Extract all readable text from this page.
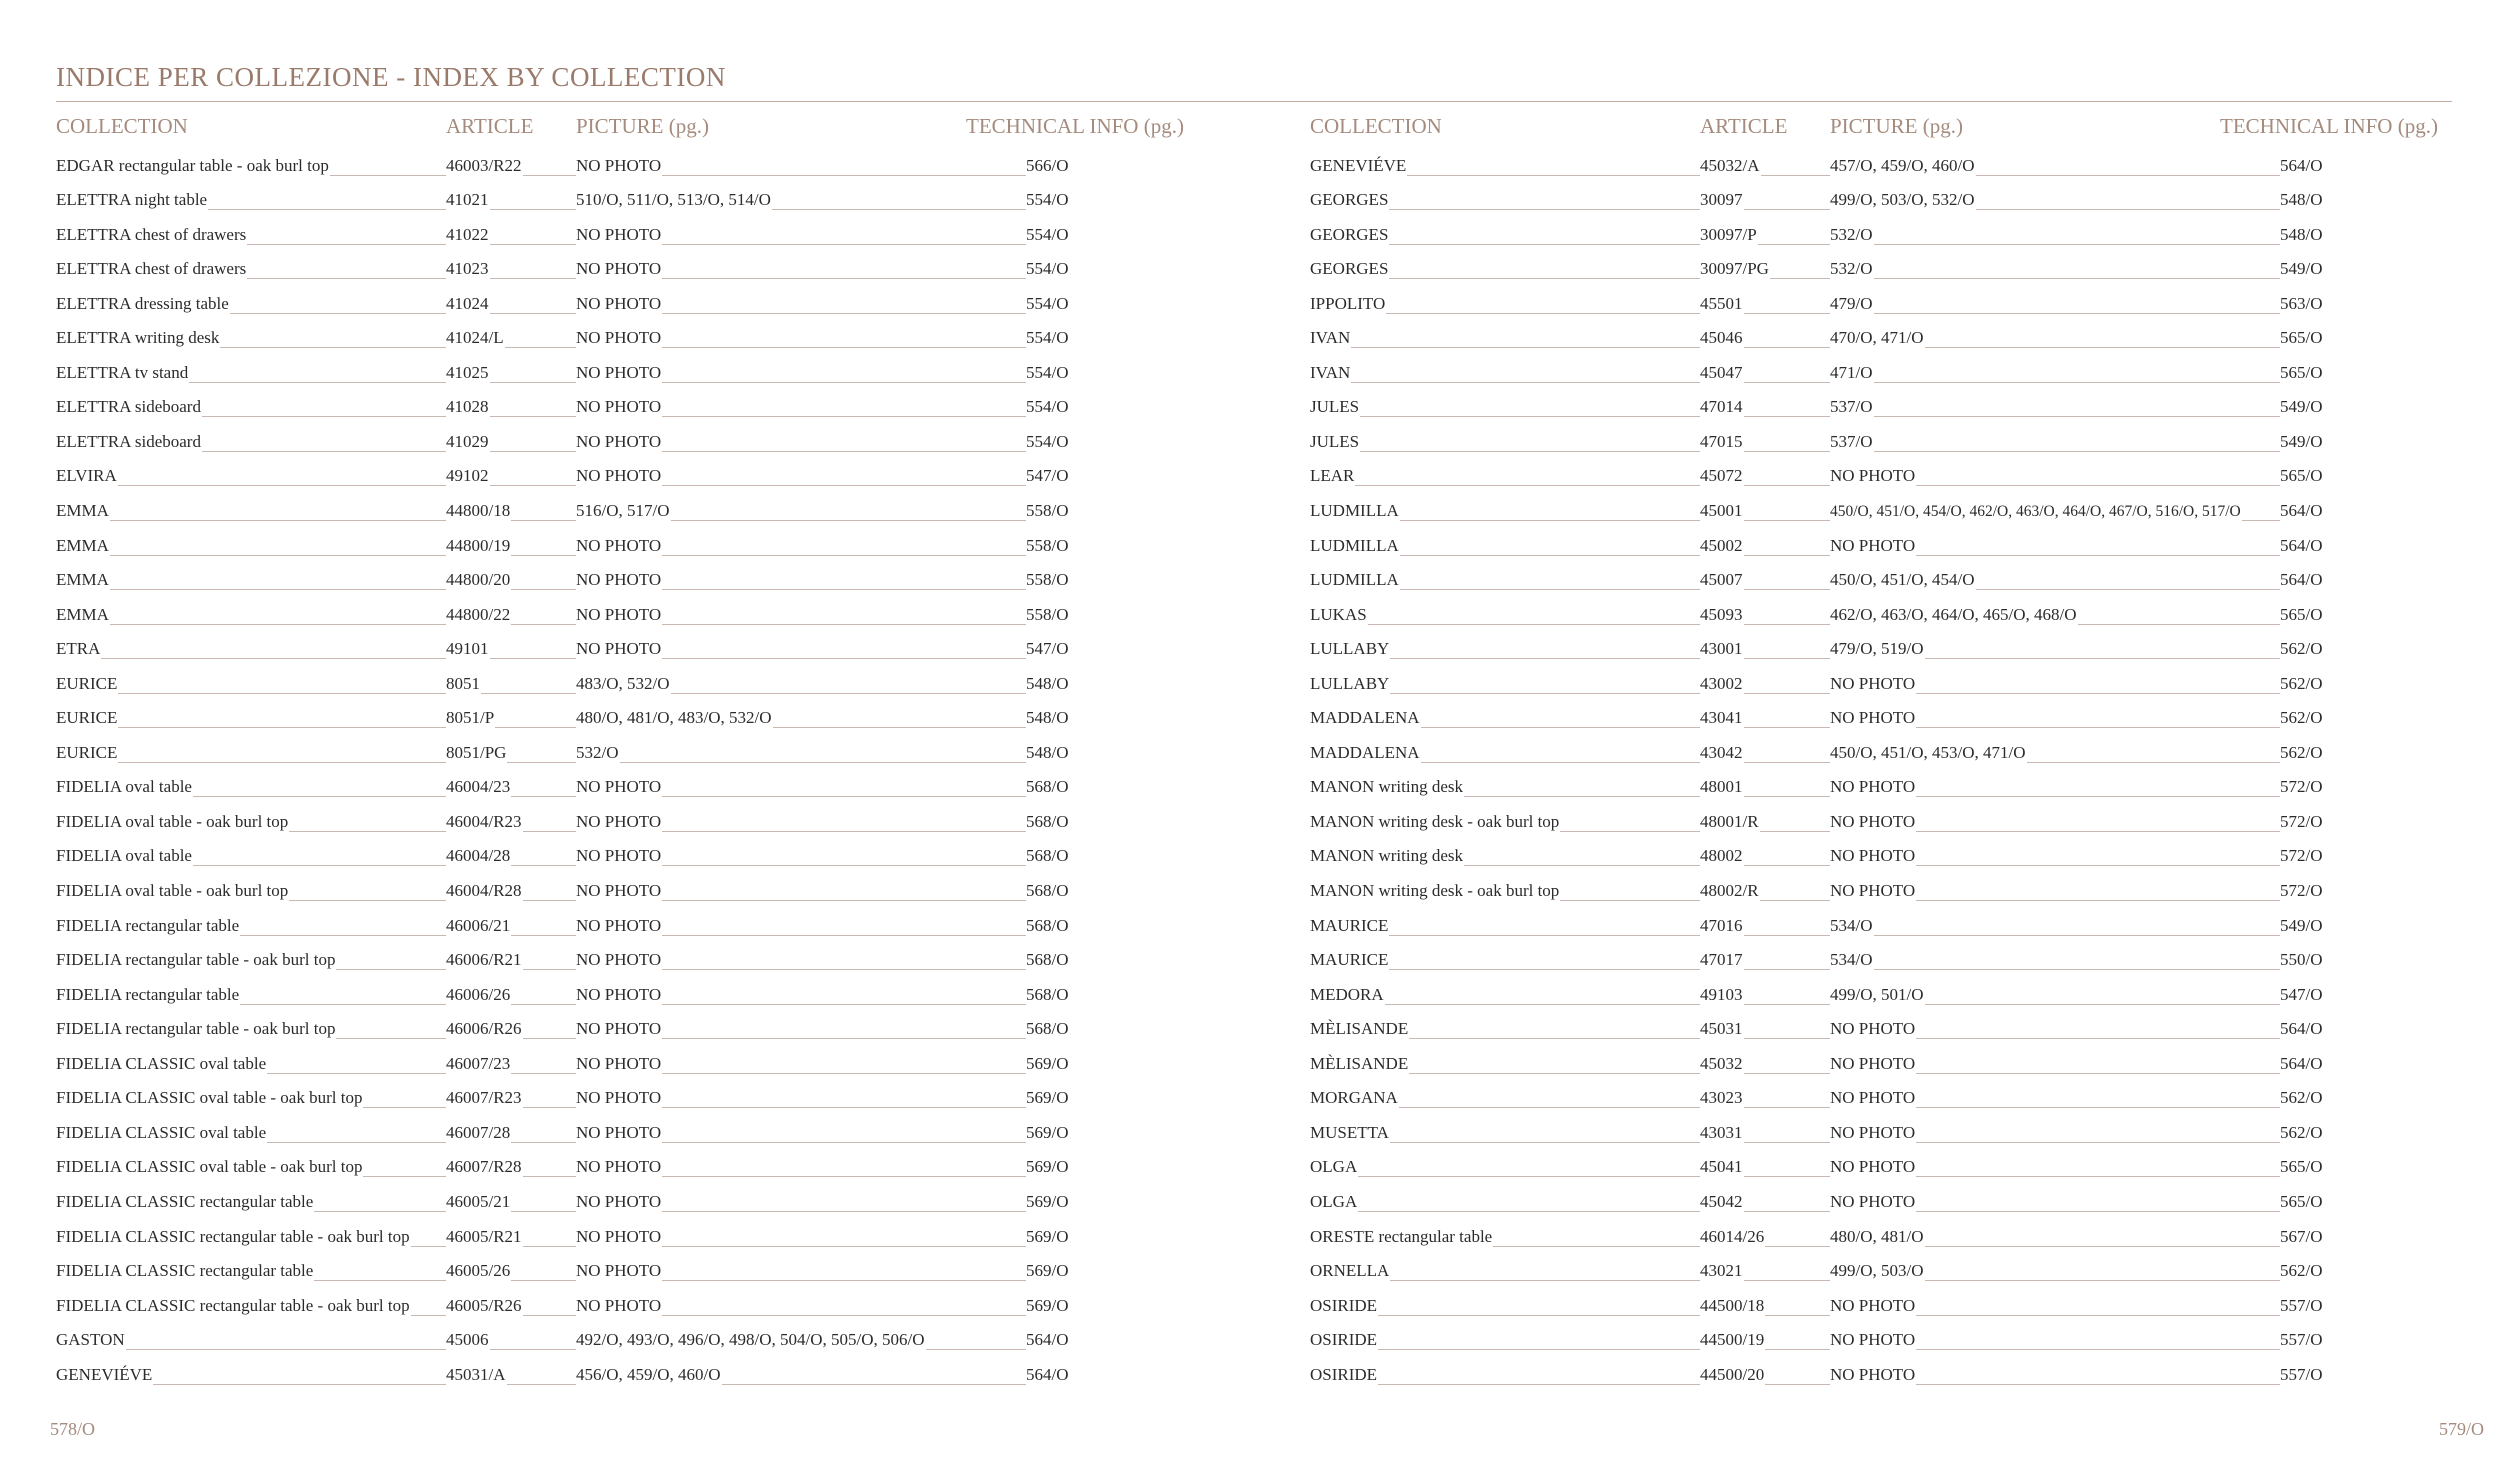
INDICE PER COLLEZIONE - INDEX BY COLLECTION
COLLECTION	ARTICLE PICTURE (pg.)	TECHNICAL INFO (pg.)
EDGAR rectangular table - oak burl top	46003/R22	NO PHOTO	566/O
ELETTRA night table	41021	510/O, 511/O, 513/O, 514/O	554/O
ELETTRA chest of drawers	41022	NO PHOTO	554/O
ELETTRA chest of drawers	41023	NO PHOTO	554/O
ELETTRA dressing table	41024	NO PHOTO	554/O
ELETTRA writing desk	41024/L	NO PHOTO	554/O
ELETTRA tv stand	41025	NO PHOTO	554/O
ELETTRA sideboard	41028	NO PHOTO	554/O
ELETTRA sideboard	41029	NO PHOTO	554/O
ELVIRA	49102	NO PHOTO	547/O
EMMA	44800/18	516/O, 517/O	558/O
EMMA	44800/19	NO PHOTO	558/O
EMMA	44800/20	NO PHOTO	558/O
EMMA	44800/22	NO PHOTO	558/O
ETRA	49101	NO PHOTO	547/O
EURICE	8051	483/O, 532/O	548/O
EURICE	8051/P	480/O, 481/O, 483/O, 532/O	548/O
EURICE	8051/PG	532/O	548/O
FIDELIA oval table	46004/23	NO PHOTO	568/O
FIDELIA oval table - oak burl top	46004/R23	NO PHOTO	568/O
FIDELIA oval table	46004/28	NO PHOTO	568/O
FIDELIA oval table - oak burl top	46004/R28	NO PHOTO	568/O
FIDELIA rectangular table	46006/21	NO PHOTO	568/O
FIDELIA rectangular table - oak burl top	46006/R21	NO PHOTO	568/O
FIDELIA rectangular table	46006/26	NO PHOTO	568/O
FIDELIA rectangular table - oak burl top	46006/R26	NO PHOTO	568/O
FIDELIA CLASSIC oval table	46007/23	NO PHOTO	569/O
FIDELIA CLASSIC oval table - oak burl top	46007/R23	NO PHOTO	569/O
FIDELIA CLASSIC oval table	46007/28	NO PHOTO	569/O
FIDELIA CLASSIC oval table - oak burl top	46007/R28	NO PHOTO	569/O
FIDELIA CLASSIC rectangular table	46005/21	NO PHOTO	569/O
FIDELIA CLASSIC rectangular table - oak burl top 46005/R21	NO PHOTO	569/O
FIDELIA CLASSIC rectangular table	46005/26	NO PHOTO	569/O
FIDELIA CLASSIC rectangular table - oak burl top 46005/R26	NO PHOTO	569/O
GASTON	45006	492/O, 493/O, 496/O, 498/O, 504/O, 505/O, 506/O	564/O
GENEVIÉVE	45031/A	456/O, 459/O, 460/O	564/O
COLLECTION	ARTICLE PICTURE (pg.)	TECHNICAL INFO (pg.)
GENEVIÉVE	45032/A	457/O, 459/O, 460/O	564/O
GEORGES	30097	499/O, 503/O, 532/O	548/O
GEORGES	30097/P	532/O	548/O
GEORGES	30097/PG	532/O	549/O
IPPOLITO	45501	479/O	563/O
IVAN	45046	470/O, 471/O	565/O
IVAN	45047	471/O	565/O
JULES	47014	537/O	549/O
JULES	47015	537/O	549/O
LEAR	45072	NO PHOTO	565/O
LUDMILLA	45001	450/O, 451/O, 454/O, 462/O, 463/O, 464/O, 467/O, 516/O, 517/O 564/O
LUDMILLA	45002	NO PHOTO	564/O
LUDMILLA	45007	450/O, 451/O, 454/O	564/O
LUKAS	45093	462/O, 463/O, 464/O, 465/O, 468/O	565/O
LULLABY	43001	479/O, 519/O	562/O
LULLABY	43002	NO PHOTO	562/O
MADDALENA	43041	NO PHOTO	562/O
MADDALENA	43042	450/O, 451/O, 453/O, 471/O	562/O
MANON writing desk	48001	NO PHOTO	572/O
MANON writing desk - oak burl top	48001/R	NO PHOTO	572/O
MANON writing desk	48002	NO PHOTO	572/O
MANON writing desk - oak burl top	48002/R	NO PHOTO	572/O
MAURICE	47016	534/O	549/O
MAURICE	47017	534/O	550/O
MEDORA	49103	499/O, 501/O	547/O
MÈLISANDE	45031	NO PHOTO	564/O
MÈLISANDE	45032	NO PHOTO	564/O
MORGANA	43023	NO PHOTO	562/O
MUSETTA	43031	NO PHOTO	562/O
OLGA	45041	NO PHOTO	565/O
OLGA	45042	NO PHOTO	565/O
ORESTE rectangular table	46014/26	480/O, 481/O	567/O
ORNELLA	43021	499/O, 503/O	562/O
OSIRIDE	44500/18	NO PHOTO	557/O
OSIRIDE	44500/19	NO PHOTO	557/O
OSIRIDE	44500/20	NO PHOTO	557/O
578/O	579/O
